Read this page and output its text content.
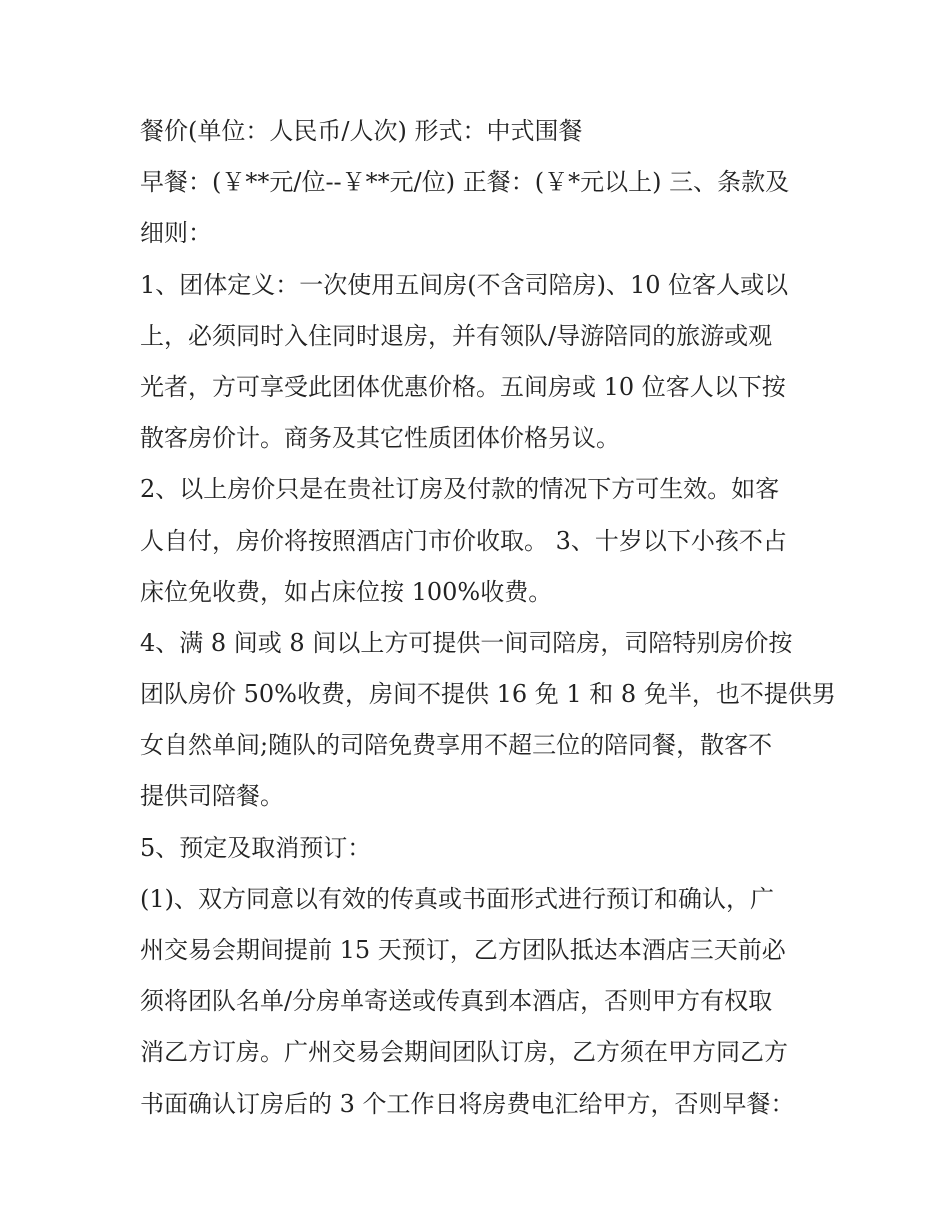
餐价(单位：人民币/人次) 形式：中式围餐
早餐：(￥**元/位--￥**元/位) 正餐：(￥*元以上) 三、条款及
细则：
1、团体定义：一次使用五间房(不含司陪房)、10 位客人或以
上，必须同时入住同时退房，并有领队/导游陪同的旅游或观
光者，方可享受此团体优惠价格。五间房或 10 位客人以下按
散客房价计。商务及其它性质团体价格另议。
2、以上房价只是在贵社订房及付款的情况下方可生效。如客
人自付，房价将按照酒店门市价收取。 3、十岁以下小孩不占
床位免收费，如占床位按 100%收费。
4、满 8 间或 8 间以上方可提供一间司陪房，司陪特别房价按
团队房价 50%收费，房间不提供 16 免 1 和 8 免半，也不提供男
女自然单间;随队的司陪免费享用不超三位的陪同餐，散客不
提供司陪餐。
5、预定及取消预订：
(1)、双方同意以有效的传真或书面形式进行预订和确认，广
州交易会期间提前 15 天预订，乙方团队抵达本酒店三天前必
须将团队名单/分房单寄送或传真到本酒店，否则甲方有权取
消乙方订房。广州交易会期间团队订房，乙方须在甲方同乙方
书面确认订房后的 3 个工作日将房费电汇给甲方，否则早餐：
